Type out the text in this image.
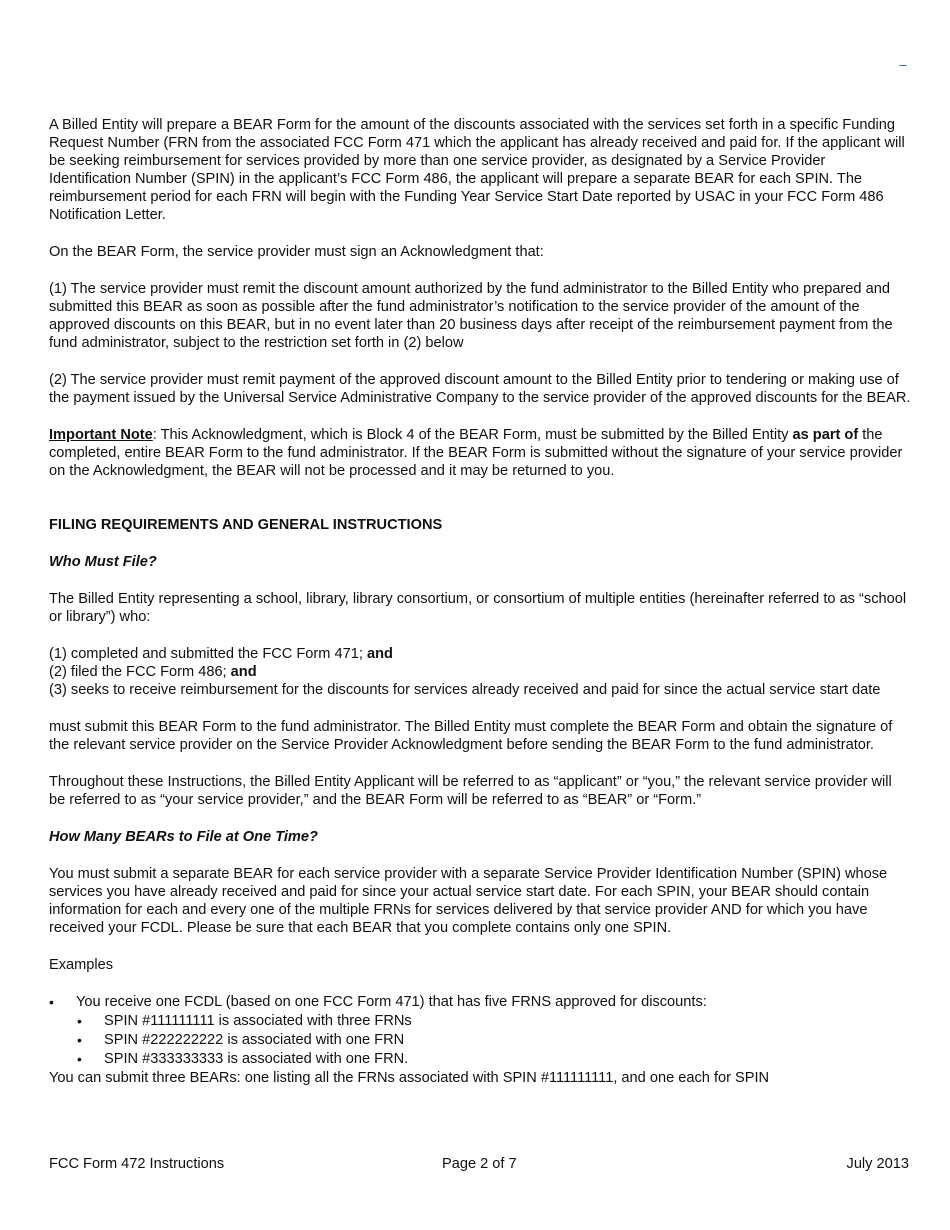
–

A Billed Entity will prepare a BEAR Form for the amount of the discounts associated with the services set forth in a specific Funding Request Number (FRN from the associated FCC Form 471 which the applicant has already received and paid for. If the applicant will be seeking reimbursement for services provided by more than one service provider, as designated by a Service Provider Identification Number (SPIN) in the applicant’s FCC Form 486, the applicant will prepare a separate BEAR for each SPIN. The reimbursement period for each FRN will begin with the Funding Year Service Start Date reported by USAC in your FCC Form 486 Notification Letter.

On the BEAR Form, the service provider must sign an Acknowledgment that:

(1) The service provider must remit the discount amount authorized by the fund administrator to the Billed Entity who prepared and submitted this BEAR as soon as possible after the fund administrator’s notification to the service provider of the amount of the approved discounts on this BEAR, but in no event later than 20 business days after receipt of the reimbursement payment from the fund administrator, subject to the restriction set forth in (2) below

(2) The service provider must remit payment of the approved discount amount to the Billed Entity prior to tendering or making use of the payment issued by the Universal Service Administrative Company to the service provider of the approved discounts for the BEAR.

Important Note: This Acknowledgment, which is Block 4 of the BEAR Form, must be submitted by the Billed Entity as part of the completed, entire BEAR Form to the fund administrator. If the BEAR Form is submitted without the signature of your service provider on the Acknowledgment, the BEAR will not be processed and it may be returned to you.

FILING REQUIREMENTS AND GENERAL INSTRUCTIONS

Who Must File?

The Billed Entity representing a school, library, library consortium, or consortium of multiple entities (hereinafter referred to as “school or library”) who:

(1) completed and submitted the FCC Form 471; and

(2) filed the FCC Form 486; and

(3) seeks to receive reimbursement for the discounts for services already received and paid for since the actual service start date

must submit this BEAR Form to the fund administrator. The Billed Entity must complete the BEAR Form and obtain the signature of the relevant service provider on the Service Provider Acknowledgment before sending the BEAR Form to the fund administrator.

Throughout these Instructions, the Billed Entity Applicant will be referred to as “applicant” or “you,” the relevant service provider will be referred to as “your service provider,” and the BEAR Form will be referred to as “BEAR” or “Form.”

How Many BEARs to File at One Time?

You must submit a separate BEAR for each service provider with a separate Service Provider Identification Number (SPIN) whose services you have already received and paid for since your actual service start date. For each SPIN, your BEAR should contain information for each and every one of the multiple FRNs for services delivered by that service provider AND for which you have received your FCDL. Please be sure that each BEAR that you complete contains only one SPIN.

Examples

• You receive one FCDL (based on one FCC Form 471) that has five FRNS approved for discounts:
• SPIN #111111111 is associated with three FRNs
• SPIN #222222222 is associated with one FRN
• SPIN #333333333 is associated with one FRN.

You can submit three BEARs: one listing all the FRNs associated with SPIN #111111111, and one each for SPIN

FCC Form 472 Instructions	Page 2 of 7	July 2013
